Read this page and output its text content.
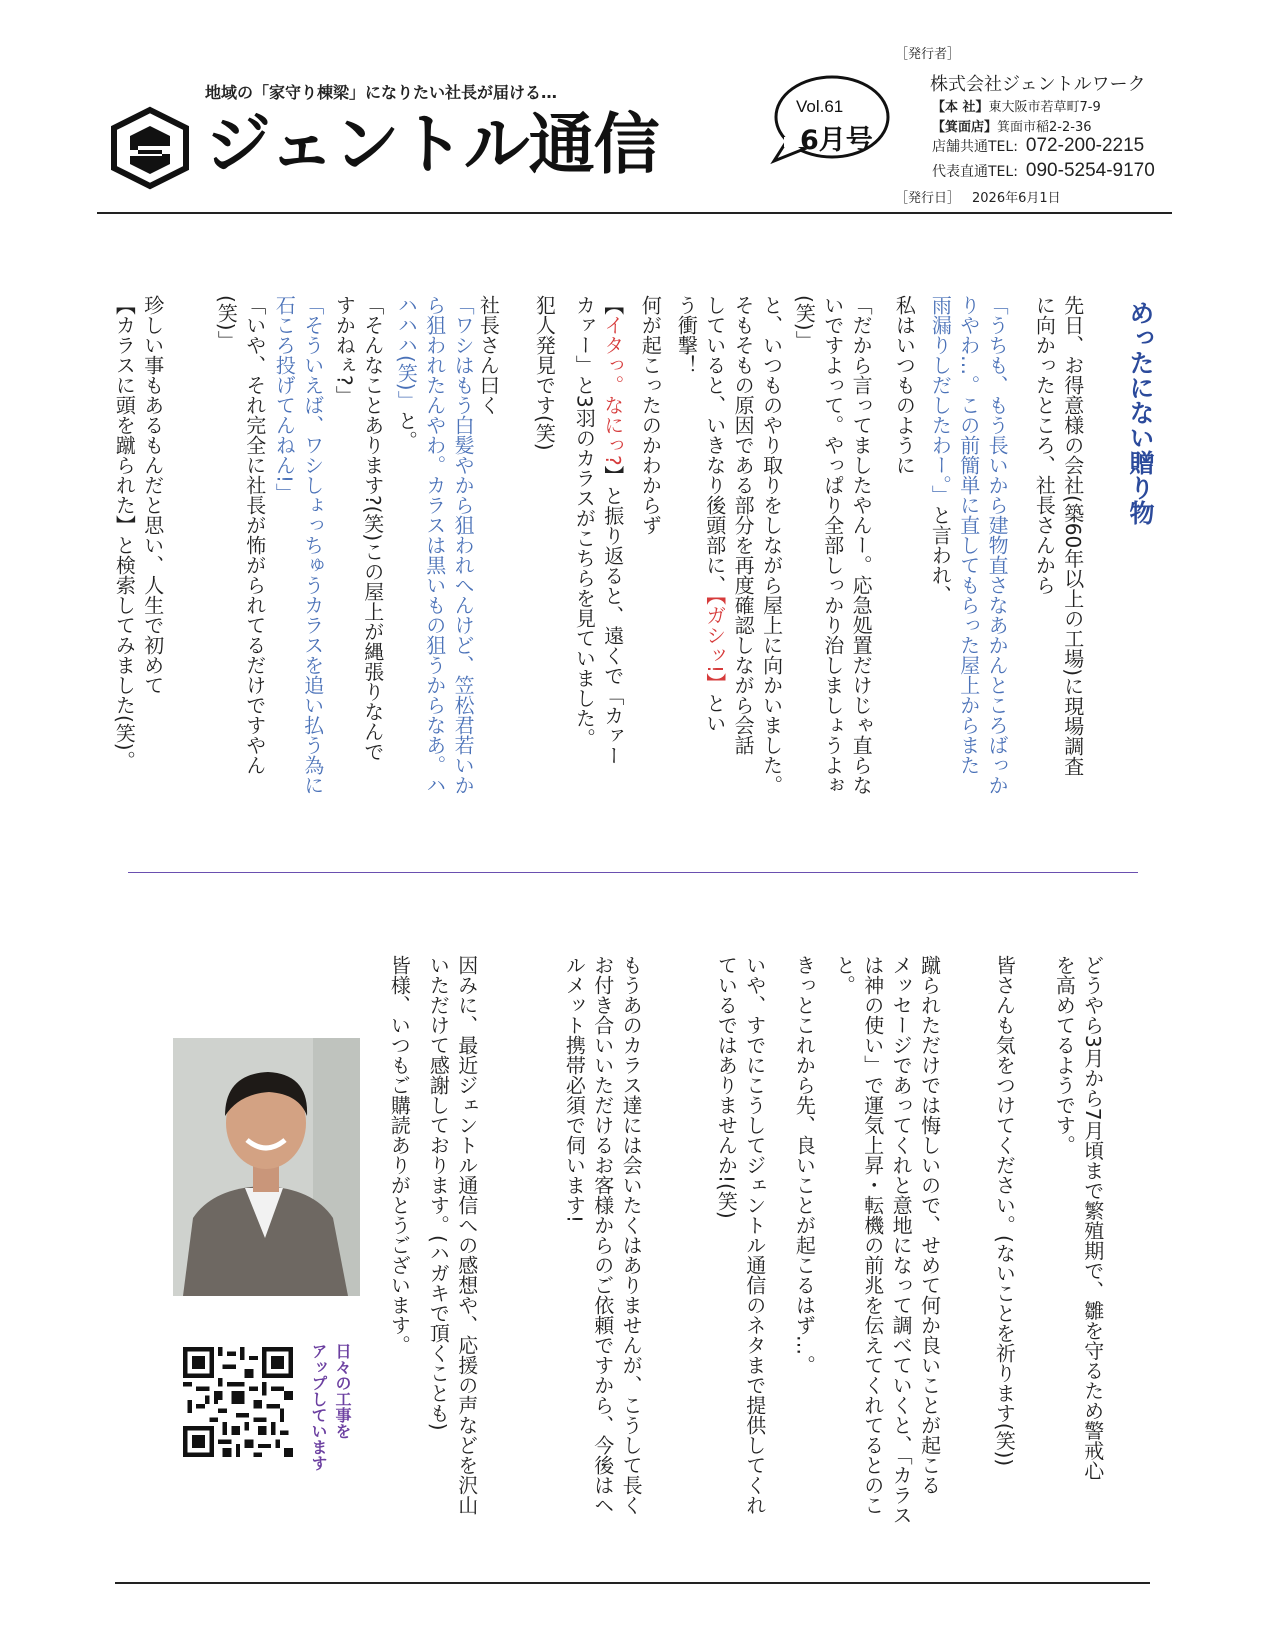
地域の「家守り棟梁」になりたい社長が届ける…
ジェントル通信	Vol.61
6月号
［発行者］
株式会社ジェントルワーク
【本 社】東大阪市若草町7-9
【箕面店】箕面市稲2-2-36
店舗共通TEL: 072-200-2215
代表直通TEL: 090-5254-9170
［発行日］ 2026年6月1日
めったにない贈り物
先日、お得意様の会社(築60年以上の工場)に現場調査
に向かったところ、社長さんから
「うちも、もう長いから建物直さなあかんところばっか
りやわ…。この前簡単に直してもらった屋上からまた
雨漏りしだしたわー。」と言われ、
私はいつものように
「だから言ってましたやんー。応急処置だけじゃ直らな
いですよって。やっぱり全部しっかり治しましょうよぉ
(笑)」
と、いつものやり取りをしながら屋上に向かいました。
そもそもの原因である部分を再度確認しながら会話
していると、いきなり後頭部に、【ガシッ!】とい
う衝撃！
何が起こったのかわからず
【イタっ。なにっ?】と振り返ると、遠くで「カァー
カァー」と3羽のカラスがこちらを見ていました。
犯人発見です(笑)
社長さん曰く
「ワシはもう白髪やから狙われへんけど、笠松君若いか
ら狙われたんやわ。カラスは黒いもの狙うからなあ。ハ
ハハハ(笑)」と。
「そんなことあります?(笑)この屋上が縄張りなんで
すかねぇ?」
「そういえば、ワシしょっちゅうカラスを追い払う為に
石ころ投げてんねん!」
「いや、それ完全に社長が怖がられてるだけですやん
(笑)」
珍しい事もあるもんだと思い、人生で初めて
【カラスに頭を蹴られた】と検索してみました(笑)。
どうやら3月から7月頃まで繁殖期で、雛を守るため警戒心
を高めてるようです。
皆さんも気をつけてください。(ないことを祈ります(笑))
蹴られただけでは悔しいので、せめて何か良いことが起こる
メッセージであってくれと意地になって調べていくと、「カラス
は神の使い」で運気上昇・転機の前兆を伝えてくれてるとのこ
と。
きっとこれから先、良いことが起こるはず…。
いや、すでにこうしてジェントル通信のネタまで提供してくれ
ているではありませんか!(笑)
もうあのカラス達には会いたくはありませんが、こうして長く
お付き合いいただけるお客様からのご依頼ですから、今後はヘ
ルメット携帯必須で伺います!
因みに、最近ジェントル通信への感想や、応援の声などを沢山
いただけて感謝しております。(ハガキで頂くことも)
皆様、いつもご購読ありがとうございます。
日々の工事を
アップしています
